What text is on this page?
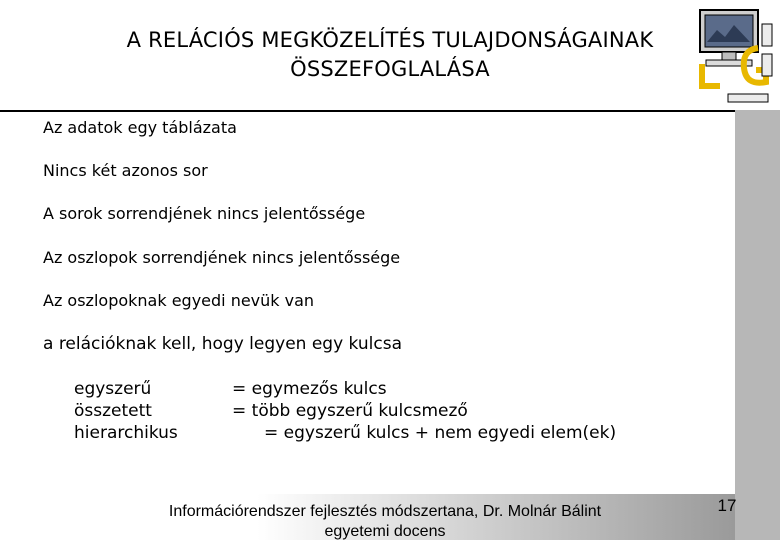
A RELÁCIÓS MEGKÖZELÍTÉS TULAJDONSÁGAINAK
ÖSSZEFOGLALÁSA
Az adatok egy táblázata
Nincs két azonos sor
A sorok sorrendjének nincs jelentőssége
Az oszlopok sorrendjének nincs jelentőssége
Az oszlopoknak egyedi nevük van
a relációknak kell, hogy legyen egy kulcsa
egyszerű
összetett
hierarchikus
= egymezős kulcs
= több egyszerű kulcsmező
= egyszerű kulcs + nem egyedi elem(ek)
Információrendszer fejlesztés módszertana, Dr. Molnár Bálint
egyetemi docens
17
